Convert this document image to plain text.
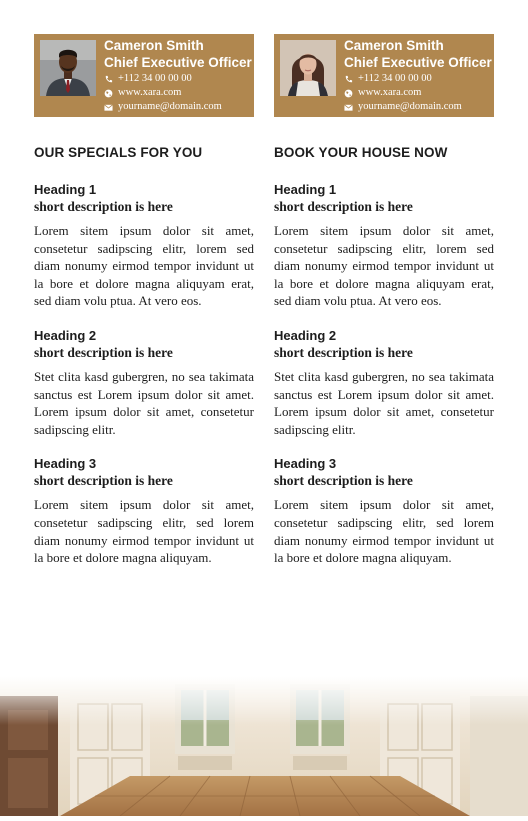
Cameron Smith
Chief Executive Officer
+112 34 00 00 00
www.xara.com
yourname@domain.com
OUR SPECIALS FOR YOU
Heading 1
short description is here
Lorem sitem ipsum dolor sit amet, consetetur sadipscing elitr, lorem sed diam nonumy eirmod tempor invidunt ut la bore et dolore magna aliquyam erat, sed diam volu ptua. At vero eos.
Heading 2
short description is here
Stet clita kasd gubergren, no sea takimata sanctus est Lorem ipsum dolor sit amet. Lorem ipsum dolor sit amet, consetetur sadipscing elitr.
Heading 3
short description is here
Lorem sitem ipsum dolor sit amet, consetetur sadipscing elitr, sed lorem diam nonumy eirmod tempor invidunt ut la bore et dolore magna aliquyam.
Cameron Smith
Chief Executive Officer
+112 34 00 00 00
www.xara.com
yourname@domain.com
BOOK YOUR HOUSE NOW
Heading 1
short description is here
Lorem sitem ipsum dolor sit amet, consetetur sadipscing elitr, lorem sed diam nonumy eirmod tempor invidunt ut la bore et dolore magna aliquyam erat, sed diam volu ptua. At vero eos.
Heading 2
short description is here
Stet clita kasd gubergren, no sea takimata sanctus est Lorem ipsum dolor sit amet. Lorem ipsum dolor sit amet, consetetur sadipscing elitr.
Heading 3
short description is here
Lorem sitem ipsum dolor sit amet, consetetur sadipscing elitr, sed lorem diam nonumy eirmod tempor invidunt ut la bore et dolore magna aliquyam.
